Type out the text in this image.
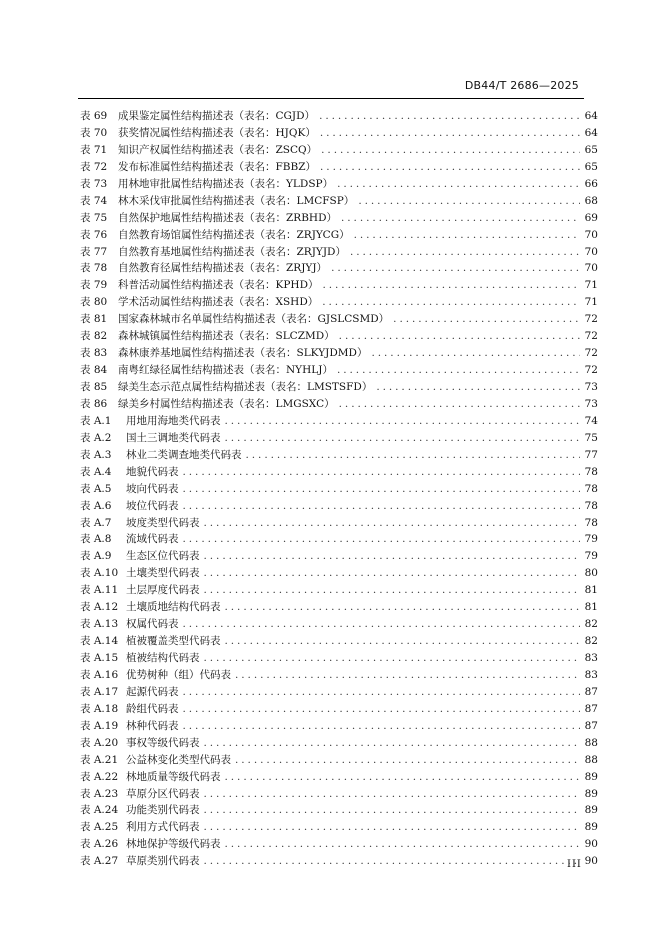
DB44/T 2686—2025
表 69	成果鉴定属性结构描述表（表名：CGJD） . . .	64
表 70	获奖情况属性结构描述表（表名：HJQK） . . .	64
表 71	知识产权属性结构描述表（表名：ZSCQ） . . .	65
表 72	发布标准属性结构描述表（表名：FBBZ） . . .	65
表 73	用林地审批属性结构描述表（表名：YLDSP） . . .	66
表 74	林木采伐审批属性结构描述表（表名：LMCFSP） . . .	68
表 75	自然保护地属性结构描述表（表名：ZRBHD） . . .	69
表 76	自然教育场馆属性结构描述表（表名：ZRJYCG） . . .	70
表 77	自然教育基地属性结构描述表（表名：ZRJYJD） . . .	70
表 78	自然教育径属性结构描述表（表名：ZRJYJ） . . .	70
表 79	科普活动属性结构描述表（表名：KPHD） . . .	71
表 80	学术活动属性结构描述表（表名：XSHD） . . .	71
表 81	国家森林城市名单属性结构描述表（表名：GJSLCSMD） . . .	72
表 82	森林城镇属性结构描述表（表名：SLCZMD） . . .	72
表 83	森林康养基地属性结构描述表（表名：SLKYJDMD） . . .	72
表 84	南粤红绿径属性结构描述表（表名：NYHLJ） . . .	72
表 85	绿美生态示范点属性结构描述表（表名：LMSTSFD） . . .	73
表 86	绿美乡村属性结构描述表（表名：LMGSXC） . . .	73
表 A.1	用地用海地类代码表 . . .	74
表 A.2	国土三调地类代码表 . . .	75
表 A.3	林业二类调查地类代码表 . . .	77
表 A.4	地貌代码表 . . .	78
表 A.5	坡向代码表 . . .	78
表 A.6	坡位代码表 . . .	78
表 A.7	坡度类型代码表 . . .	78
表 A.8	流域代码表 . . .	79
表 A.9	生态区位代码表 . . .	79
表 A.10 土壤类型代码表 . . .	80
表 A.11 土层厚度代码表 . . .	81
表 A.12 土壤质地结构代码表 . . .	81
表 A.13 权属代码表 . . .	82
表 A.14 植被覆盖类型代码表 . . .	82
表 A.15 植被结构代码表 . . .	83
表 A.16 优势树种（组）代码表 . . .	83
表 A.17 起源代码表 . . .	87
表 A.18 龄组代码表 . . .	87
表 A.19 林种代码表 . . .	87
表 A.20 事权等级代码表 . . .	88
表 A.21 公益林变化类型代码表 . . .	88
表 A.22 林地质量等级代码表 . . .	89
表 A.23 草原分区代码表 . . .	89
表 A.24 功能类别代码表 . . .	89
表 A.25 利用方式代码表 . . .	89
表 A.26 林地保护等级代码表 . . .	90
表 A.27 草原类别代码表 . . .	90
III
